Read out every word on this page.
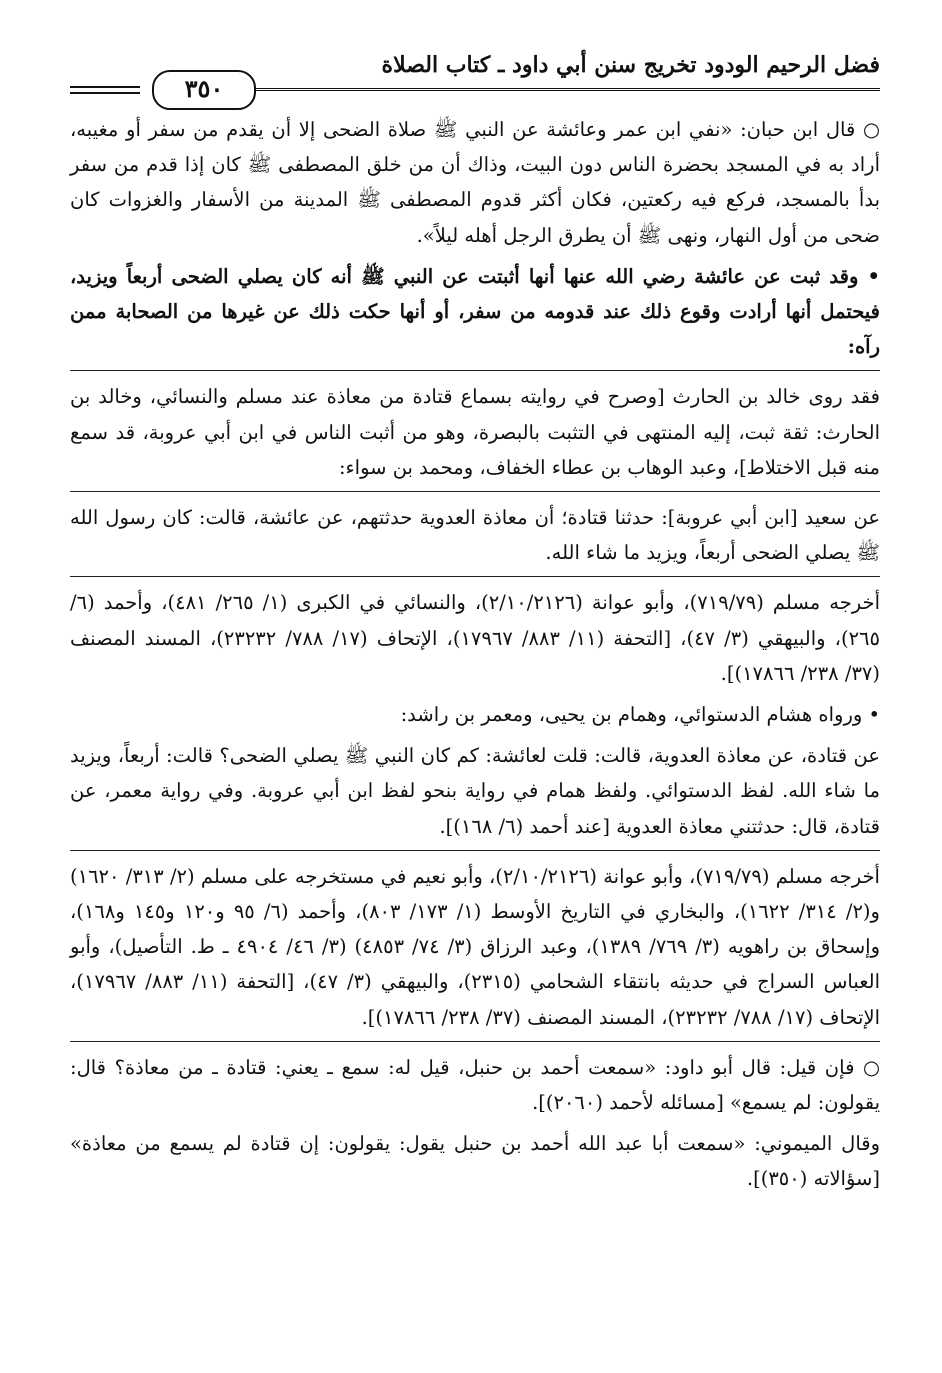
فضل الرحيم الودود تخريج سنن أبي داود ـ كتاب الصلاة
٣٥٠

○ قال ابن حبان: «نفي ابن عمر وعائشة عن النبي ﷺ صلاة الضحى إلا أن يقدم من سفر أو مغيبه، أراد به في المسجد بحضرة الناس دون البيت، وذاك أن من خلق المصطفى ﷺ كان إذا قدم من سفر بدأ بالمسجد، فركع فيه ركعتين، فكان أكثر قدوم المصطفى ﷺ المدينة من الأسفار والغزوات كان ضحى من أول النهار، ونهى ﷺ أن يطرق الرجل أهله ليلاً».

• وقد ثبت عن عائشة رضي الله عنها أنها أثبتت عن النبي ﷺ أنه كان يصلي الضحى أربعاً ويزيد، فيحتمل أنها أرادت وقوع ذلك عند قدومه من سفر، أو أنها حكت ذلك عن غيرها من الصحابة ممن رآه:

فقد روى خالد بن الحارث [وصرح في روايته بسماع قتادة من معاذة عند مسلم والنسائي، وخالد بن الحارث: ثقة ثبت، إليه المنتهى في التثبت بالبصرة، وهو من أثبت الناس في ابن أبي عروبة، قد سمع منه قبل الاختلاط]، وعبد الوهاب بن عطاء الخفاف، ومحمد بن سواء:

عن سعيد [ابن أبي عروبة]: حدثنا قتادة؛ أن معاذة العدوية حدثتهم، عن عائشة، قالت: كان رسول الله ﷺ يصلي الضحى أربعاً، ويزيد ما شاء الله.

أخرجه مسلم (٧١٩/٧٩)، وأبو عوانة (٢/١٠/٢١٢٦)، والنسائي في الكبرى (١/ ٢٦٥/ ٤٨١)، وأحمد (٦/ ٢٦٥)، والبيهقي (٣/ ٤٧)، [التحفة (١١/ ٨٨٣/ ١٧٩٦٧)، الإتحاف (١٧/ ٧٨٨/ ٢٣٢٣٢)، المسند المصنف (٣٧/ ٢٣٨/ ١٧٨٦٦)].

• ورواه هشام الدستوائي، وهمام بن يحيى، ومعمر بن راشد:

عن قتادة، عن معاذة العدوية، قالت: قلت لعائشة: كم كان النبي ﷺ يصلي الضحى؟ قالت: أربعاً، ويزيد ما شاء الله. لفظ الدستوائي. ولفظ همام في رواية بنحو لفظ ابن أبي عروبة. وفي رواية معمر، عن قتادة، قال: حدثتني معاذة العدوية [عند أحمد (٦/ ١٦٨)].

أخرجه مسلم (٧١٩/٧٩)، وأبو عوانة (٢/١٠/٢١٢٦)، وأبو نعيم في مستخرجه على مسلم (٢/ ٣١٣/ ١٦٢٠) و(٢/ ٣١٤/ ١٦٢٢)، والبخاري في التاريخ الأوسط (١/ ١٧٣/ ٨٠٣)، وأحمد (٦/ ٩٥ و١٢٠ و١٤٥ و١٦٨)، وإسحاق بن راهويه (٣/ ٧٦٩/ ١٣٨٩)، وعبد الرزاق (٣/ ٧٤/ ٤٨٥٣) (٣/ ٤٦/ ٤٩٠٤ ـ ط. التأصيل)، وأبو العباس السراج في حديثه بانتقاء الشحامي (٢٣١٥)، والبيهقي (٣/ ٤٧)، [التحفة (١١/ ٨٨٣/ ١٧٩٦٧)، الإتحاف (١٧/ ٧٨٨/ ٢٣٢٣٢)، المسند المصنف (٣٧/ ٢٣٨/ ١٧٨٦٦)].

○ فإن قيل: قال أبو داود: «سمعت أحمد بن حنبل، قيل له: سمع ـ يعني: قتادة ـ من معاذة؟ قال: يقولون: لم يسمع» [مسائله لأحمد (٢٠٦٠)].

وقال الميموني: «سمعت أبا عبد الله أحمد بن حنبل يقول: يقولون: إن قتادة لم يسمع من معاذة» [سؤالاته (٣٥٠)].
